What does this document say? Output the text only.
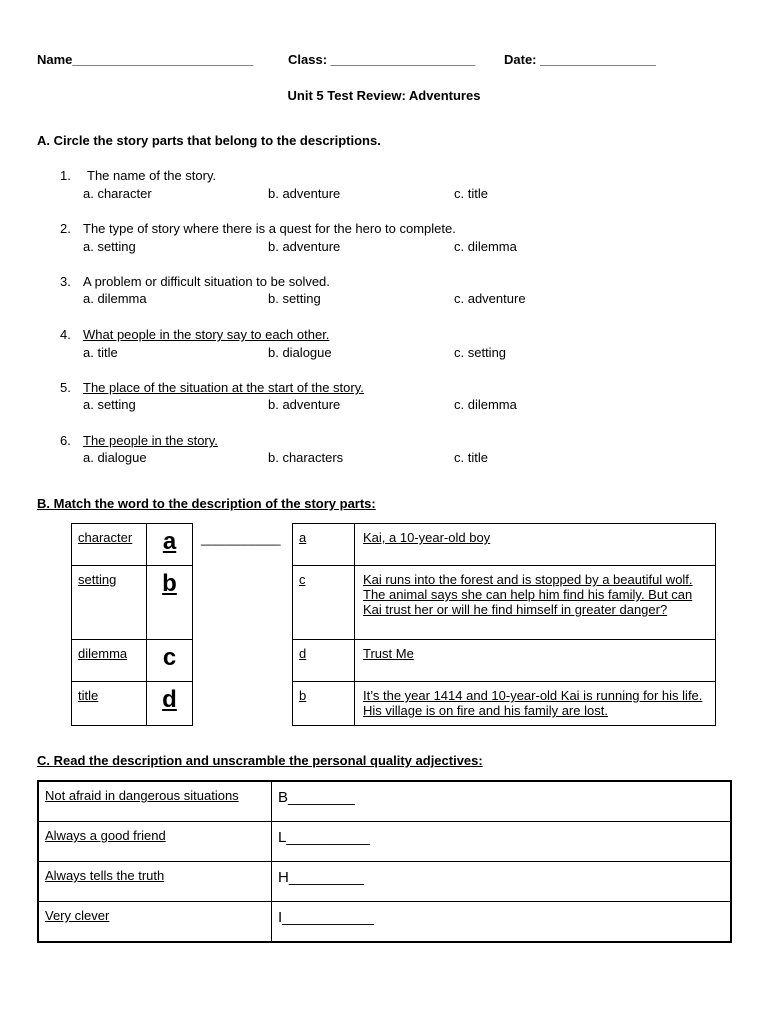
Name_________________________	Class: ____________________ Date: ________________
Unit 5 Test Review: Adventures
A. Circle the story parts that belong to the descriptions.
1. The name of the story.
a. character	b. adventure	c. title
2. The type of story where there is a quest for the hero to complete.
a. setting	b. adventure	c. dilemma
3. A problem or difficult situation to be solved.
a. dilemma	b. setting	c. adventure
4. What people in the story say to each other.
a. title	b. dialogue	c. setting
5. The place of the situation at the start of the story.
a. setting	b. adventure	c. dilemma
6. The people in the story.
a. dialogue	b. characters	c. title
B. Match the word to the description of the story parts:
character	a
setting	b
dilemma	c
title	d
___________ a	Kai, a 10-year-old boy
c	Kai runs into the forest and is stopped by a beautiful wolf. The animal says she can help him find his family. But can Kai trust her or will he find himself in greater danger?
d	Trust Me
b	It’s the year 1414 and 10-year-old Kai is running for his life. His village is on fire and his family are lost.
C. Read the description and unscramble the personal quality adjectives:
Not afraid in dangerous situations	B________
Always a good friend	L__________
Always tells the truth	H_________
Very clever	I___________
